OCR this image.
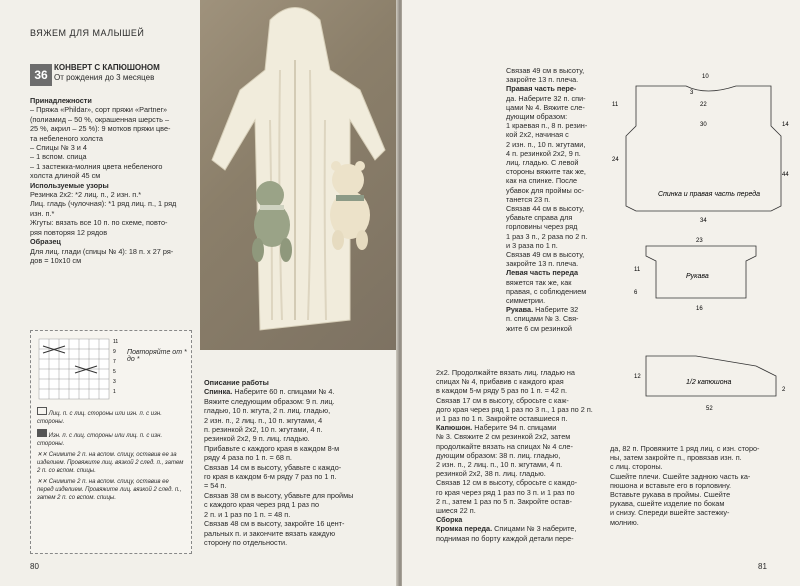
ВЯЖЕМ ДЛЯ МАЛЫШЕЙ
36
КОНВЕРТ С КАПЮШОНОМ
От рождения до 3 месяцев
Принадлежности
– Пряжа «Phildar», сорт пряжи «Partner»
(полиамид – 50 %, окрашенная шерсть –
25 %, акрил – 25 %): 9 мотков пряжи цве-
та небеленого холста
– Спицы № 3 и 4
– 1 вспом. спица
– 1 застежка-молния цвета небеленого
холста длиной 45 см
Используемые узоры
Резинка 2х2: *2 лиц. п., 2 изн. п.*
Лиц. гладь (чулочная): *1 ряд лиц. п., 1 ряд
изн. п.*
Жгуты: вязать все 10 п. по схеме, повто-
ряя повторяя 12 рядов
Образец
Для лиц. глади (спицы № 4): 18 п. х 27 ря-
дов = 10х10 см
11
9
7
5
3
1
Повторяйте от * до *
Лиц. п. с лиц. стороны или изн. п. с изн. стороны.
Изн. п. с лиц. стороны или лиц. п. с изн. стороны.
✕✕ Снимите 2 п. на вспом. спицу, оставив ее за изделием. Провяжите лиц. вязкой 2 след. п., затем 2 п. со вспом. спицы.
✕✕ Снимите 2 п. на вспом. спицу, оставив ее перед изделием. Провяжите лиц. вязкой 2 след. п., затем 2 п. со вспом. спицы.
Описание работы
Спинка. Наберите 60 п. спицами № 4.
Вяжите следующим образом: 9 п. лиц.
гладью, 10 п. жгута, 2 п. лиц. гладью,
2 изн. п., 2 лиц. п., 10 п. жгутами, 4
п. резинкой 2х2, 10 п. жгутами, 4 п.
резинкой 2х2, 9 п. лиц. гладью.
Прибавьте с каждого края в каждом 8-м
ряду 4 раза по 1 п. = 68 п.
Связав 14 см в высоту, убавьте с каждо-
го края в каждом 6-м ряду 7 раз по 1 п.
= 54 п.
Связав 38 см в высоту, убавьте для проймы
с каждого края через ряд 1 раз по
2 п. и 1 раз по 1 п. = 48 п.
Связав 48 см в высоту, закройте 16 цент-
ральных п. и закончите вязать каждую
сторону по отдельности.
80

Связав 49 см в высоту,

закройте 13 п. плеча.

Правая часть пере-

да. Наберите 32 п. спи-

цами № 4. Вяжите сле-

дующим образом:

1 краевая п., 8 п. резин-

кой 2х2, начиная с

2 изн. п., 10 п. жгутами,

4 п. резинкой 2х2, 9 п.

лиц. гладью. С левой

стороны вяжите так же,

как на спинке. После

убавок для проймы ос-

танется 23 п.

Связав 44 см в высоту,

убавьте справа для

горловины через ряд

1 раз 3 п., 2 раза по 2 п.

и 3 раза по 1 п.

Связав 49 см в высоту,

закройте 13 п. плеча.

Левая часть переда

вяжется так же, как

правая, с соблюдением

симметрии.

Рукава. Наберите 32

п. спицами № 3. Свя-

жите 6 см резинкой

2х2. Продолжайте вязать лиц. гладью на

спицах № 4, прибавив с каждого края

в каждом 5-м ряду 5 раз по 1 п. = 42 п.

Связав 17 см в высоту, сбросьте с каж-

дого края через ряд 1 раз по 3 п., 1 раз по 2 п.

и 1 раз по 1 п. Закройте оставшиеся п.

Капюшон. Наберите 94 п. спицами

№ 3. Свяжите 2 см резинкой 2х2, затем

продолжайте вязать на спицах № 4 сле-

дующим образом: 38 п. лиц. гладью,

2 изн. п., 2 лиц. п., 10 п. жгутами, 4 п.

резинкой 2х2, 38 п. лиц. гладью.

Связав 12 см в высоту, сбросьте с каждо-

го края через ряд 1 раз по 3 п. и 1 раз по

2 п., затем 1 раз по 5 п. Закройте остав-

шиеся 22 п.

Сборка

Кромка переда. Спицами № 3 наберите,

поднимая по борту каждой детали пере-

да, 82 п. Провяжите 1 ряд лиц. с изн. сторо-

ны, затем закройте п., провязав изн. п.

с лиц. стороны.

Сшейте плечи. Сшейте заднюю часть ка-

пюшона и вставьте его в горловину.

Вставьте рукава в проймы. Сшейте

рукава, сшейте изделие по бокам

и снизу. Спереди вшейте застежку-

молнию.

81
Спинка и правая часть переда
Рукава
1/2 капюшона
10
3
22
30
34
11
24
44
14
23
16
11
6
52
12
2
